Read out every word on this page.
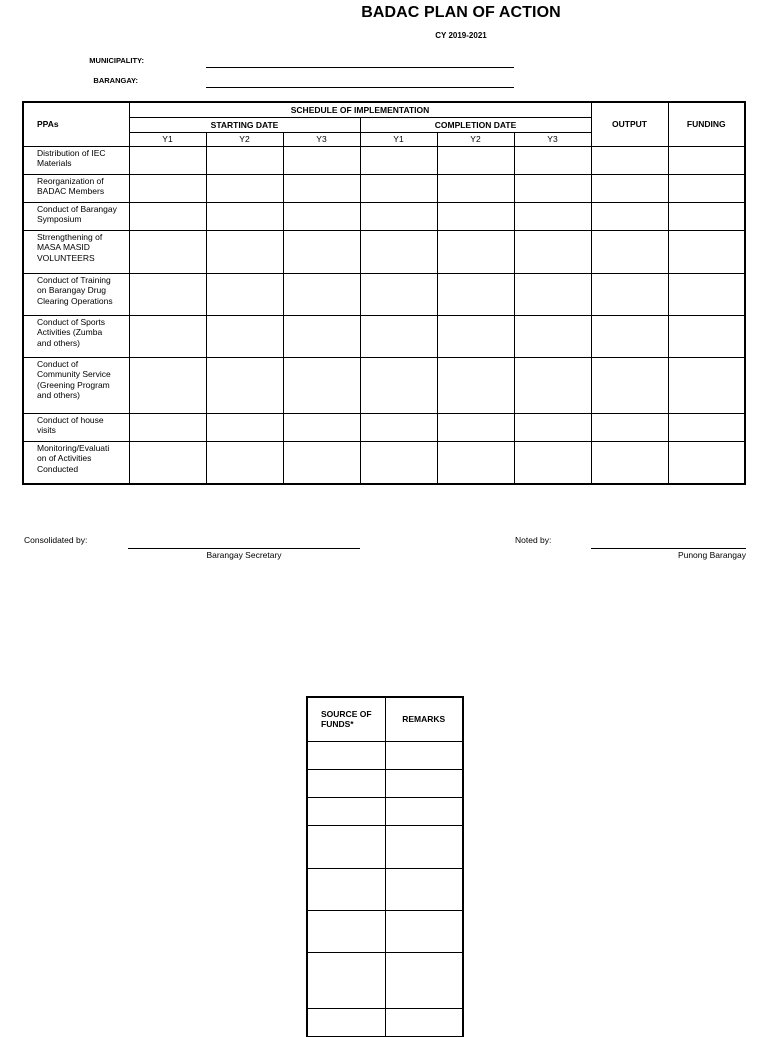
BADAC PLAN OF ACTION
CY 2019-2021
MUNICIPALITY:
BARANGAY:
PPAs	SCHEDULE OF IMPLEMENTATION						OUTPUT	FUNDING
	STARTING DATE			COMPLETION DATE				
	Y1	Y2	Y3	Y1	Y2	Y3		

Distribution of IEC
Materials								

Reorganization of
BADAC Members								

Conduct of Barangay
Symposium								

Strrengthening of
MASA MASID
VOLUNTEERS								

Conduct of Training
on Barangay Drug
Clearing Operations								

Conduct of Sports
Activities (Zumba
and others)								

Conduct of
Community Service
(Greening Program
and others)								

Conduct of house
visits								

Monitoring/Evaluati
on of Activities
Conducted								

Consolidated by:
Barangay Secretary
Noted by:
Punong Barangay
SOURCE OF
FUNDS*	REMARKS
